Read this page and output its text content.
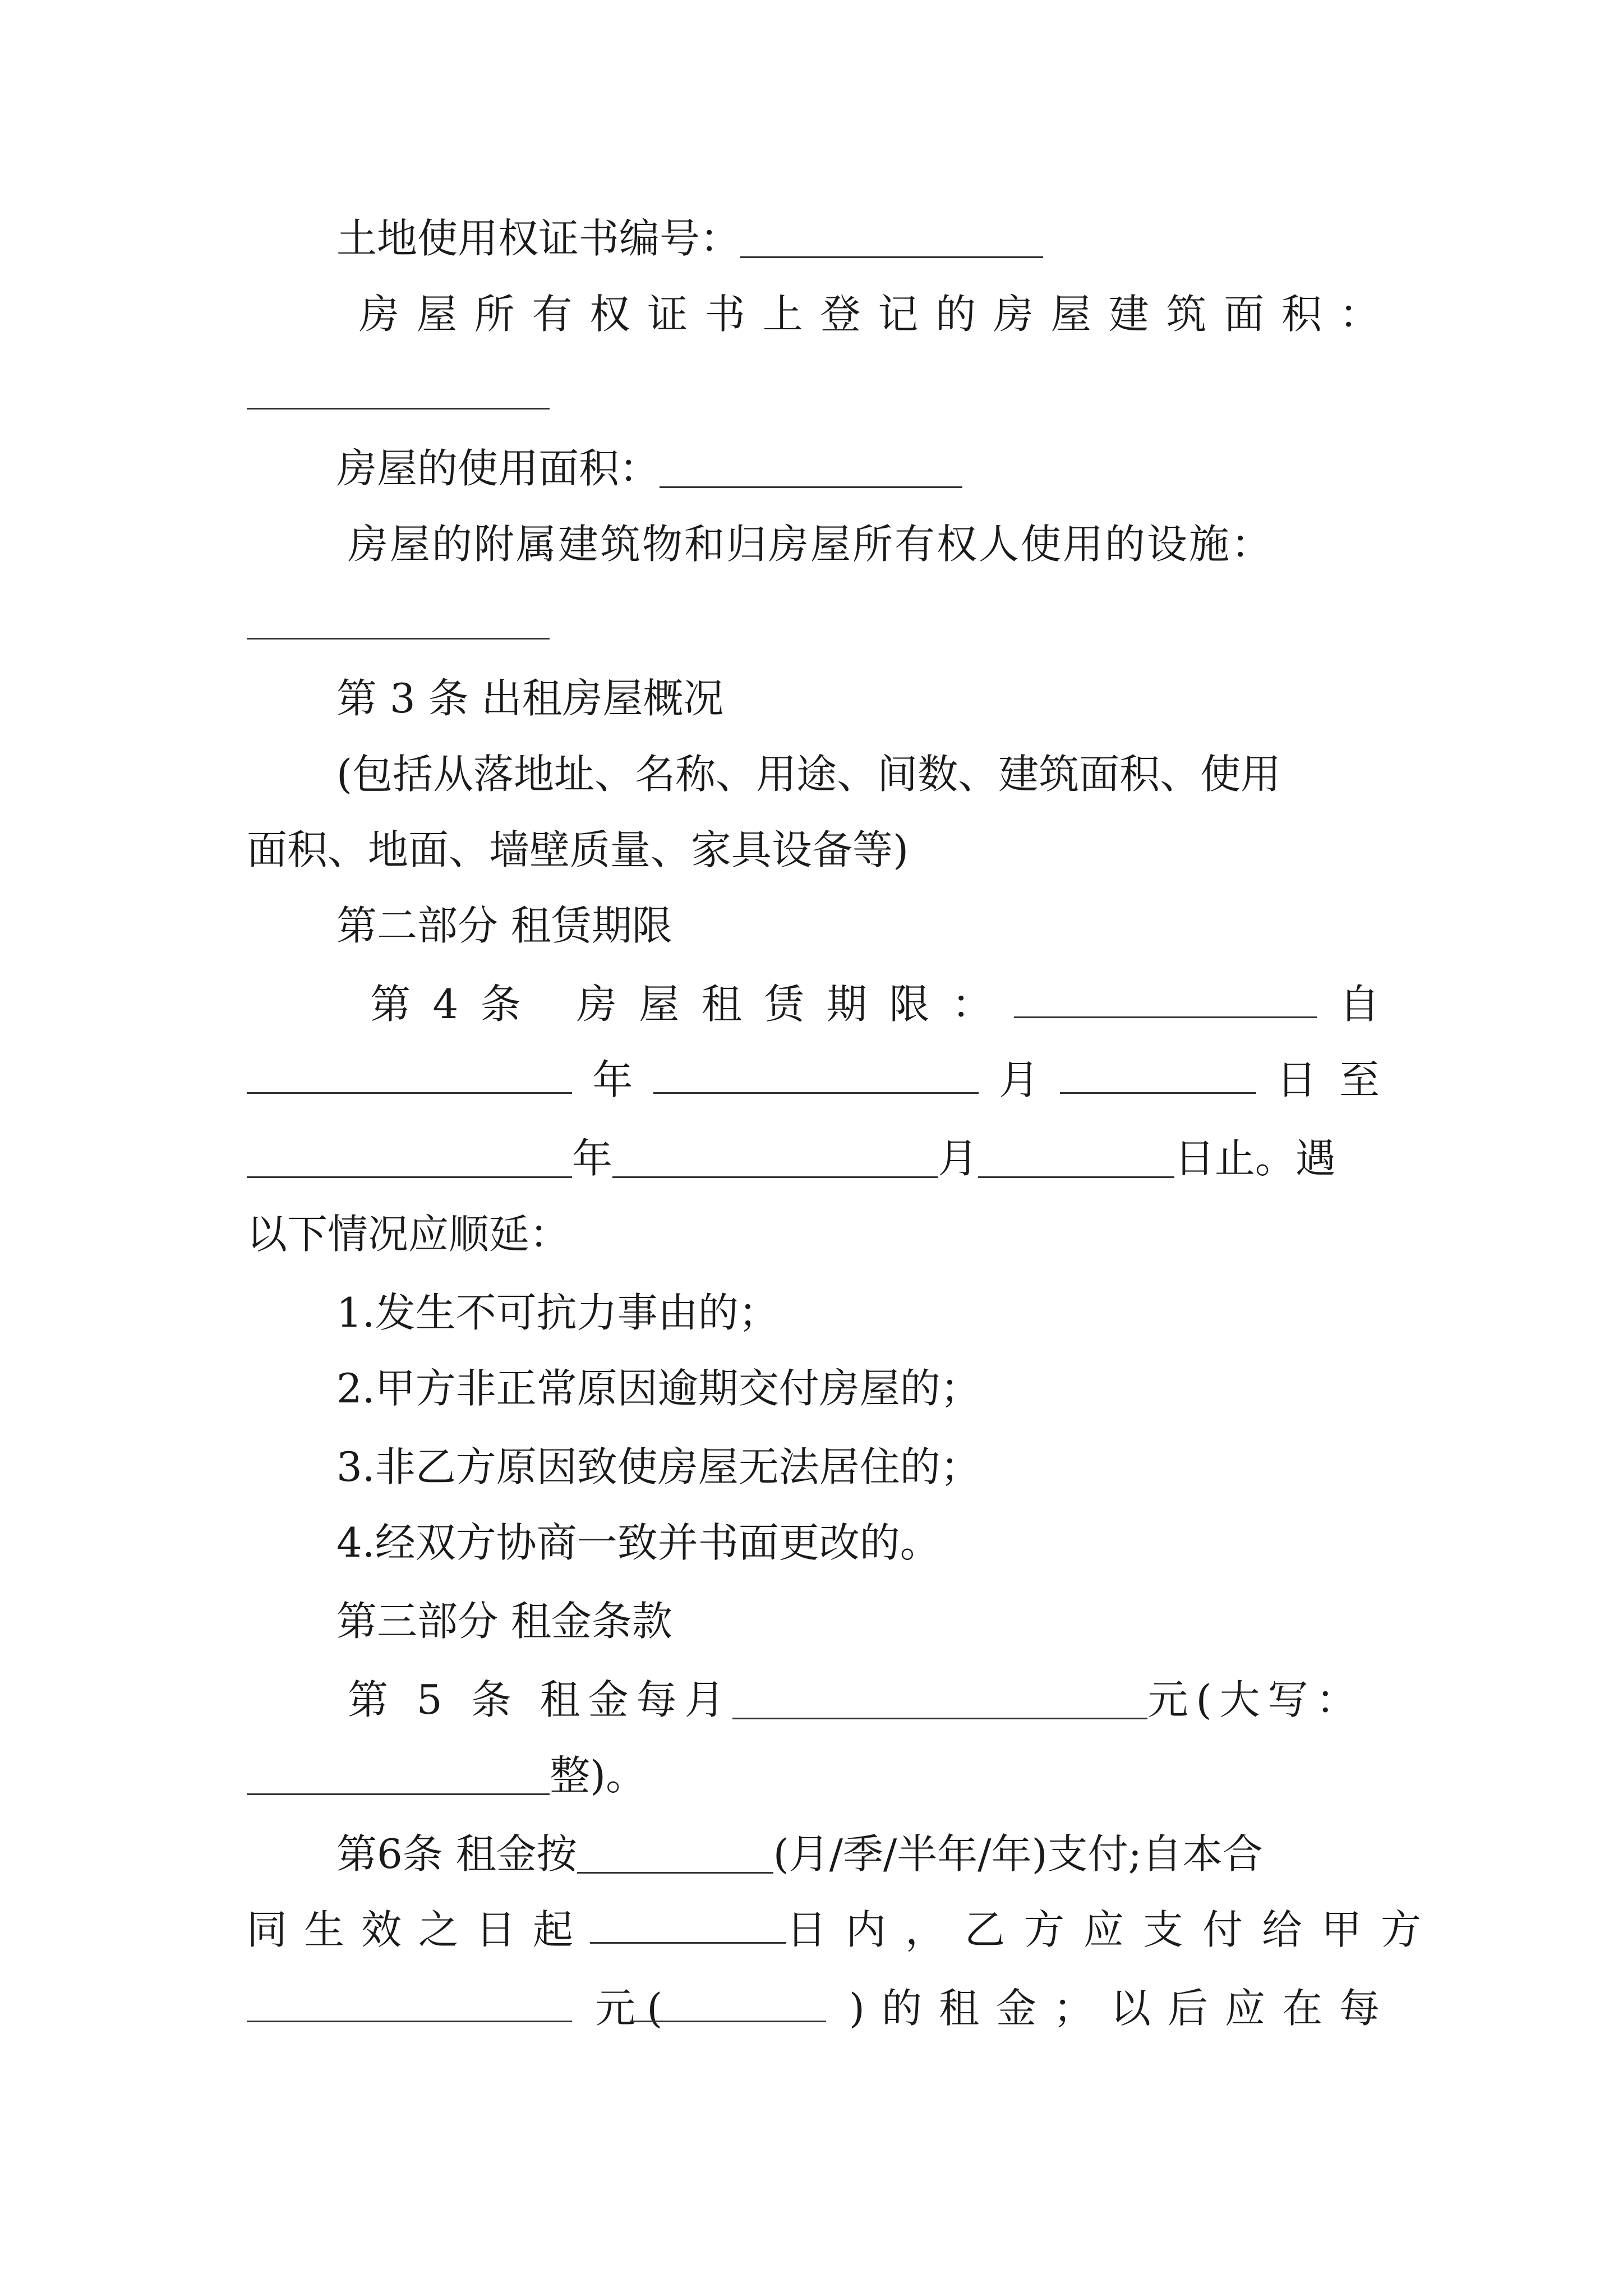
土地使用权证书编号：
房 屋 所 有 权 证 书 上 登 记 的 房 屋 建 筑 面 积 ：
房屋的使用面积：
房屋的附属建筑物和归房屋所有权人使用的设施：
第 3 条 出租房屋概况
(包括从落地址、名称、用途、间数、建筑面积、使用
面积、地面、墙壁质量、家具设备等)
第二部分 租赁期限
第 4 条 房 屋 租 赁 期 限 ：	自
年	月	日至
年	月	日止。遇
以下情况应顺延：
1.发生不可抗力事由的；
2.甲方非正常原因逾期交付房屋的；
3.非乙方原因致使房屋无法居住的；
4.经双方协商一致并书面更改的。
第三部分 租金条款
第 5 条 租金每月	元(大写：
整)。
第6条 租金按	(月/季/半年/年)支付;自本合
同生效之日起	日内，乙方应支付给甲方
元(	)的租金；以后应在每
